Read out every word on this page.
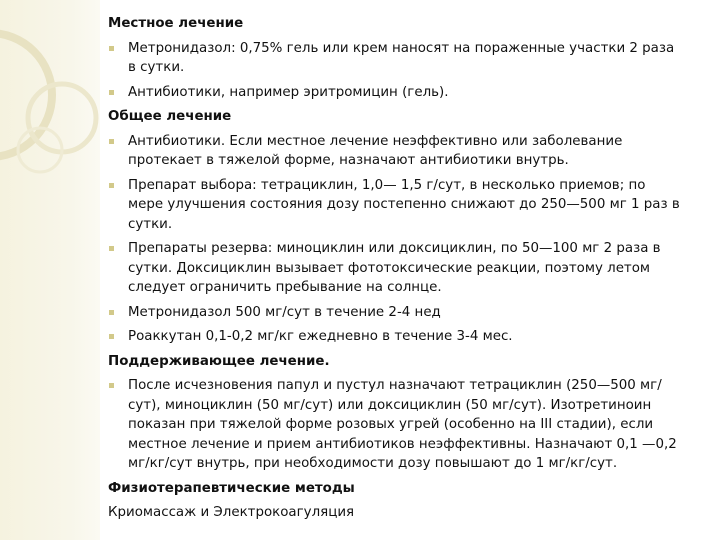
Местное лечение

Метронидазол: 0,75% гель или крем наносят на пораженные участки 2 раза в сутки.
Антибиотики, например эритромицин (гель).

Общее лечение

Антибиотики. Если местное лечение неэффективно или заболевание протекает в тяжелой форме, назначают антибиотики внутрь.
Препарат выбора: тетрациклин, 1,0— 1,5 г/сут, в несколько приемов; по мере улучшения состояния дозу постепенно снижают до 250—500 мг 1 раз в сутки.
Препараты резерва: миноциклин или доксициклин, по 50—100 мг 2 раза в сутки. Доксициклин вызывает фототоксические реакции, поэтому летом следует ограничить пребывание на солнце.
Метронидазол 500 мг/сут в течение 2-4 нед
Роаккутан 0,1-0,2 мг/кг ежедневно в течение 3-4 мес.

Поддерживающее лечение.

После исчезновения папул и пустул назначают тетрациклин (250—500 мг/сут), миноциклин (50 мг/сут) или доксициклин (50 мг/сут). Изотретиноин показан при тяжелой форме розовых угрей (особенно на III стадии), если местное лечение и прием антибиотиков неэффективны. Назначают 0,1 —0,2 мг/кг/сут внутрь, при необходимости дозу повышают до 1 мг/кг/сут.

Физиотерапевтические методы

Криомассаж и Электрокоагуляция
